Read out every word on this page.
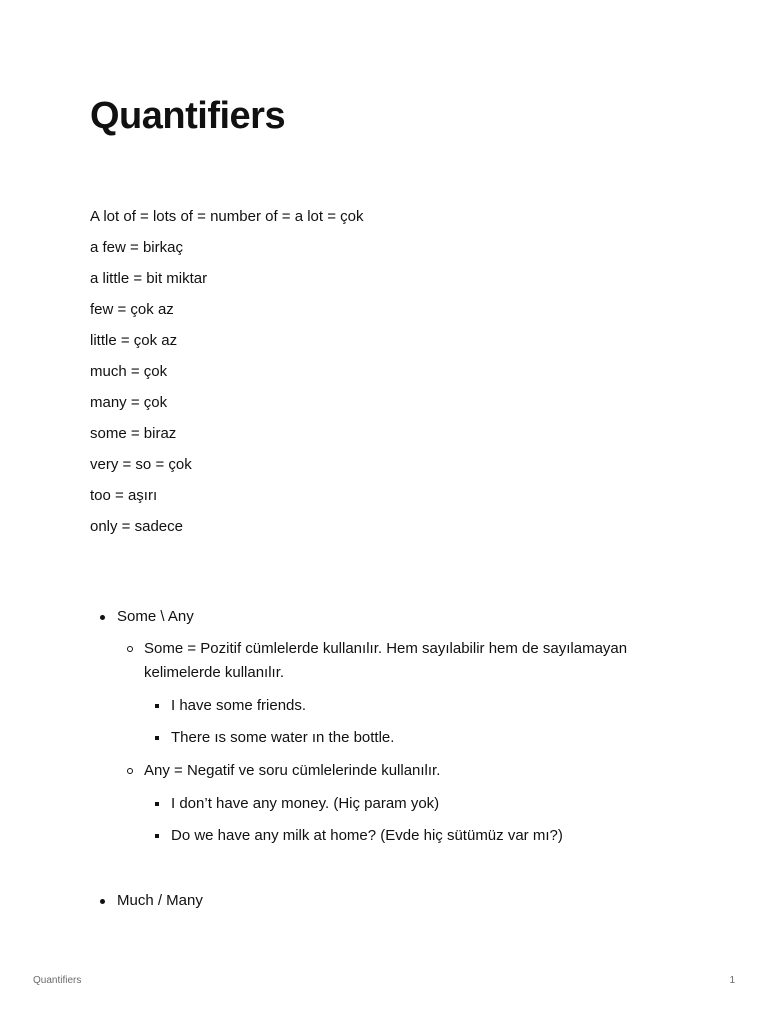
Quantifiers
A lot of = lots of = number of = a lot = çok
a few = birkaç
a little = bit miktar
few = çok az
little = çok az
much = çok
many = çok
some = biraz
very = so = çok
too = aşırı
only = sadece
Some \ Any
Some = Pozitif cümlelerde kullanılır. Hem sayılabilir hem de sayılamayan kelimelerde kullanılır.
I have some friends.
There ıs some water ın the bottle.
Any = Negatif ve soru cümlelerinde kullanılır.
I don’t have any money. (Hiç param yok)
Do we have any milk at home? (Evde hiç sütümüz var mı?)
Much / Many
Quantifiers	1
